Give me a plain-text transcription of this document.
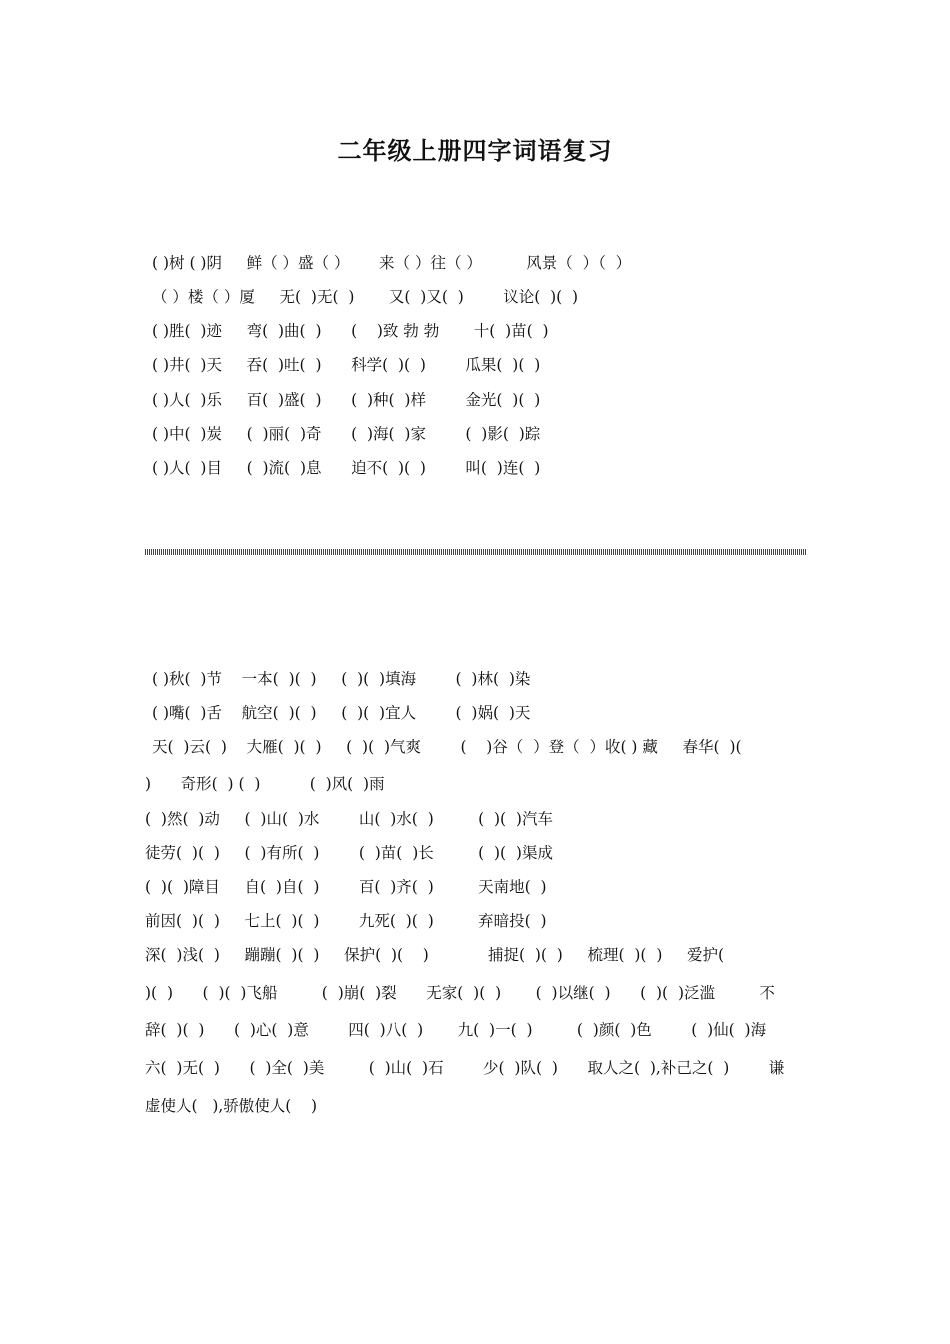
二年级上册四字词语复习
( )树 ( )阴     鲜（ ）盛（ ）      来（ ）往（ ）         风景（  ）（  ）
（ ）楼（ ）厦     无(  )无(  )       又(  )又(  )        议论(  )(  )
( )胜(  )迹     弯(  )曲(  )      (    )致 勃 勃       十(  )苗(  )
( )井(  )天     吞(  )吐(  )      科学(  )(  )        瓜果(  )(  )
( )人(  )乐     百(  )盛(  )      (  )种(  )样        金光(  )(  )
( )中(  )炭     (  )丽(  )奇      (  )海(  )家        (  )影(  )踪
( )人(  )目     (  )流(  )息      迫不(  )(  )        叫(  )连(  )
( )秋(  )节    一本(  )(  )     (  )(  )填海        (  )林(  )染
( )嘴(  )舌    航空(  )(  )     (  )(  )宜人        (  )娲(  )天
天(  )云(  )    大雁(  )(  )     (  )(  )气爽        (    )谷（  ）登（  ）收( ) 藏     春华(  )(
)      奇形(  ) (  )          (  )风(  )雨
(  )然(  )动     (  )山(  )水        山(  )水(  )         (  )(  )汽车
徒劳(  )(  )     (  )有所(  )        (  )苗(  )长         (  )(  )渠成
(  )(  )障目     自(  )自(  )        百(  )齐(  )         天南地(  )
前因(  )(  )     七上(  )(  )        九死(  )(  )         弃暗投(  )
深(  )浅(  )     蹦蹦(  )(  )     保护(  )(    )            捕捉(  )(  )     梳理(  )(  )     爱护(
)(  )      (  )(  )飞船         (  )崩(  )裂      无家(  )(  )       (  )以继(  )      (  )(  )泛滥         不
辞(  )(  )      (  )心(  )意        四(  )八(  )       九(  )一(  )         (  )颜(  )色        (  )仙(  )海
六(  )无(  )      (  )全(  )美         (  )山(  )石        少(  )队(  )      取人之(  ),补己之(  )        谦
虚使人(   ),骄傲使人(    )
